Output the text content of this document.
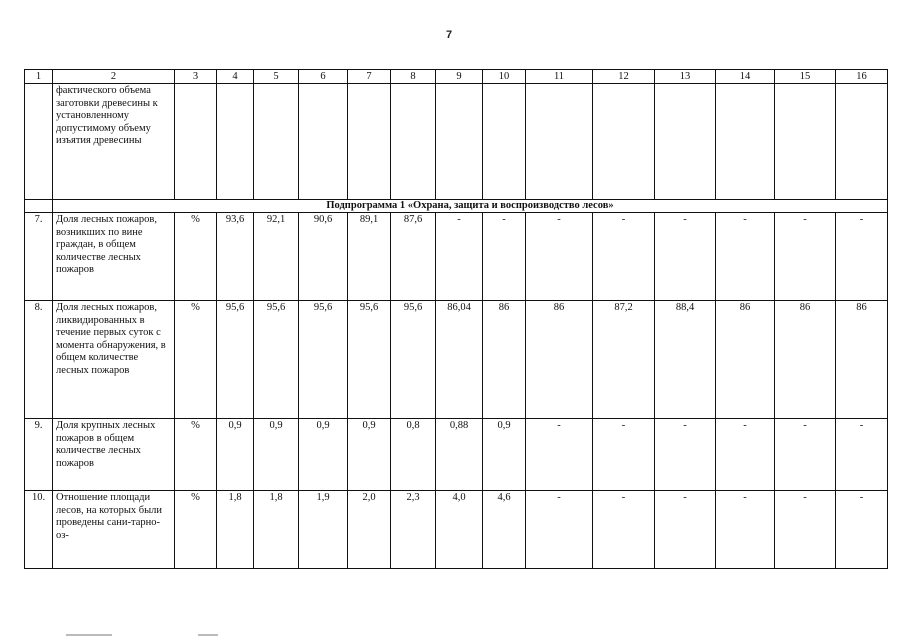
7
1	2	3	4	5	6	7	8	9	10	11	12	13	14	15	16
	фактического объема заготовки древесины к установленному допустимому объему изъятия древесины														
	Подпрограмма 1 «Охрана, защита и воспроизводство лесов»														
7.	Доля лесных пожаров, возникших по вине граждан, в общем количестве лесных пожаров	%	93,6	92,1	90,6	89,1	87,6	-	-	-	-	-	-	-	-
8.	Доля лесных пожаров, ликвидированных в течение первых суток с момента обнаружения, в общем количестве лесных пожаров	%	95,6	95,6	95,6	95,6	95,6	86,04	86	86	87,2	88,4	86	86	86
9.	Доля крупных лесных пожаров в общем количестве лесных пожаров	%	0,9	0,9	0,9	0,9	0,8	0,88	0,9	-	-	-	-	-	-
10.	Отношение площади лесов, на которых были проведены сани-тарно- оз-	%	1,8	1,8	1,9	2,0	2,3	4,0	4,6	-	-	-	-	-	-
